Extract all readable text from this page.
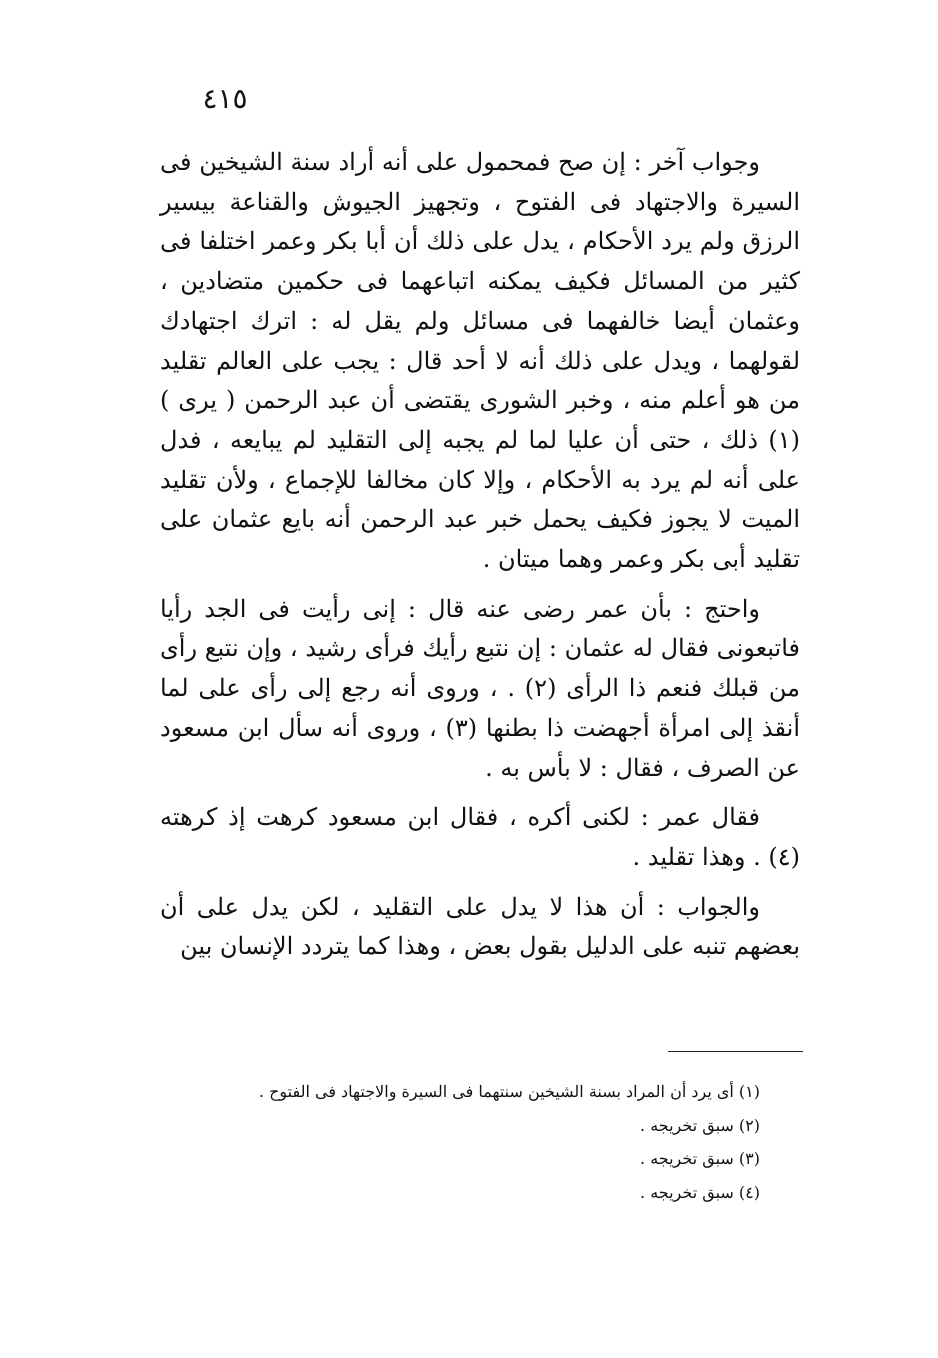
٤١٥

وجواب آخر : إن صح فمحمول على أنه أراد سنة الشيخين فى السيرة والاجتهاد فى الفتوح ، وتجهيز الجيوش والقناعة بيسير الرزق ولم يرد الأحكام ، يدل على ذلك أن أبا بكر وعمر اختلفا فى كثير من المسائل فكيف يمكنه اتباعهما فى حكمين متضادين ، وعثمان أيضا خالفهما فى مسائل ولم يقل له : اترك اجتهادك لقولهما ، ويدل على ذلك أنه لا أحد قال : يجب على العالم تقليد من هو أعلم منه ، وخبر الشورى يقتضى أن عبد الرحمن ( يرى ) (١) ذلك ، حتى أن عليا لما لم يجبه إلى التقليد لم يبايعه ، فدل على أنه لم يرد به الأحكام ، وإلا كان مخالفا للإجماع ، ولأن تقليد الميت لا يجوز فكيف يحمل خبر عبد الرحمن أنه بايع عثمان على تقليد أبى بكر وعمر وهما ميتان .

واحتج : بأن عمر رضى عنه قال : إنى رأيت فى الجد رأيا فاتبعونى فقال له عثمان : إن نتبع رأيك فرأى رشيد ، وإن نتبع رأى من قبلك فنعم ذا الرأى (٢) . ، وروى أنه رجع إلى رأى على لما أنقذ إلى امرأة أجهضت ذا بطنها (٣) ، وروى أنه سأل ابن مسعود عن الصرف ، فقال : لا بأس به .

فقال عمر : لكنى أكره ، فقال ابن مسعود كرهت إذ كرهته (٤) . وهذا تقليد .

والجواب : أن هذا لا يدل على التقليد ، لكن يدل على أن بعضهم تنبه على الدليل بقول بعض ، وهذا كما يتردد الإنسان بين

(١) أى يرد أن المراد بسنة الشيخين سنتهما فى السيرة والاجتهاد فى الفتوح .
(٢) سبق تخريجه .
(٣) سبق تخريجه .
(٤) سبق تخريجه .
